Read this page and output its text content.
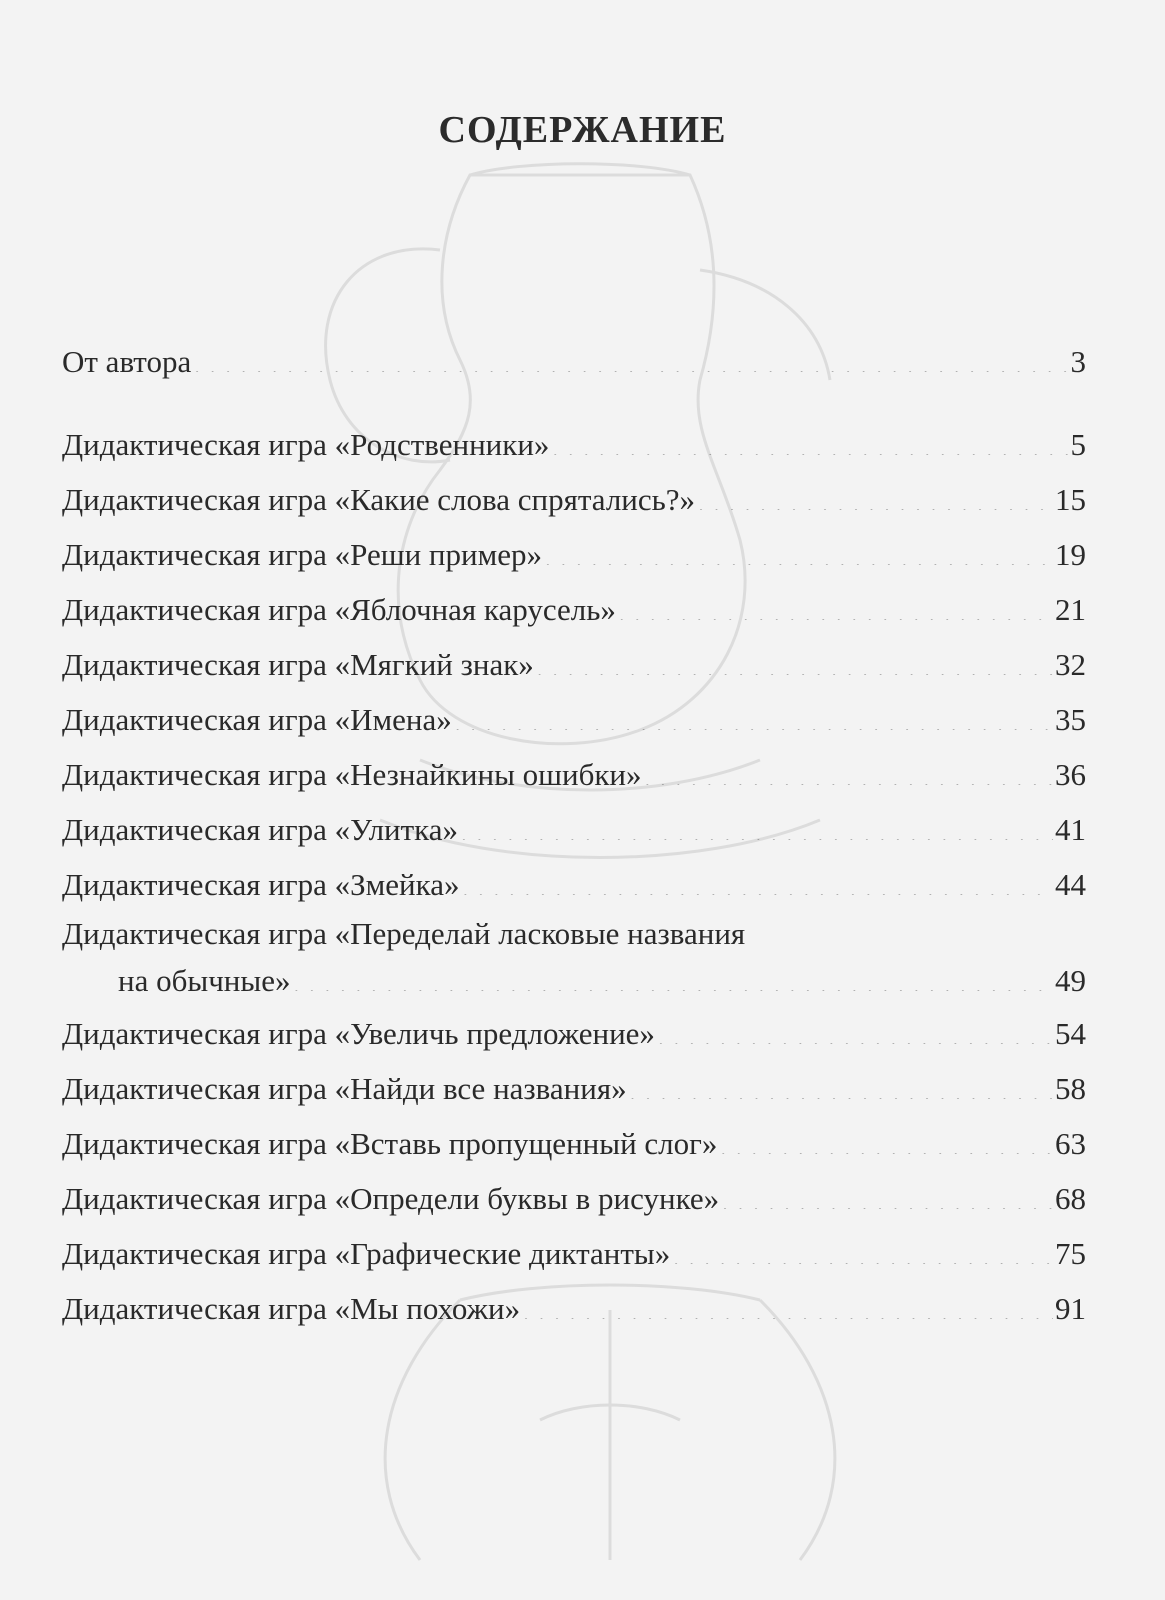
СОДЕРЖАНИЕ
От автора . . .	3
Дидактическая игра «Родственники» . . .	5
Дидактическая игра «Какие слова спрятались?» . . .	15
Дидактическая игра «Реши пример» . . .	19
Дидактическая игра «Яблочная карусель» . . .	21
Дидактическая игра «Мягкий знак» . . .	32
Дидактическая игра «Имена» . . .	35
Дидактическая игра «Незнайкины ошибки» . . .	36
Дидактическая игра «Улитка» . . .	41
Дидактическая игра «Змейка» . . .	44
Дидактическая игра «Переделай ласковые названия
на обычные» . . .	49
Дидактическая игра «Увеличь предложение» . . .	54
Дидактическая игра «Найди все названия» . . .	58
Дидактическая игра «Вставь пропущенный слог» . . .	63
Дидактическая игра «Определи буквы в рисунке» . . .	68
Дидактическая игра «Графические диктанты» . . .	75
Дидактическая игра «Мы похожи» . . .	91
